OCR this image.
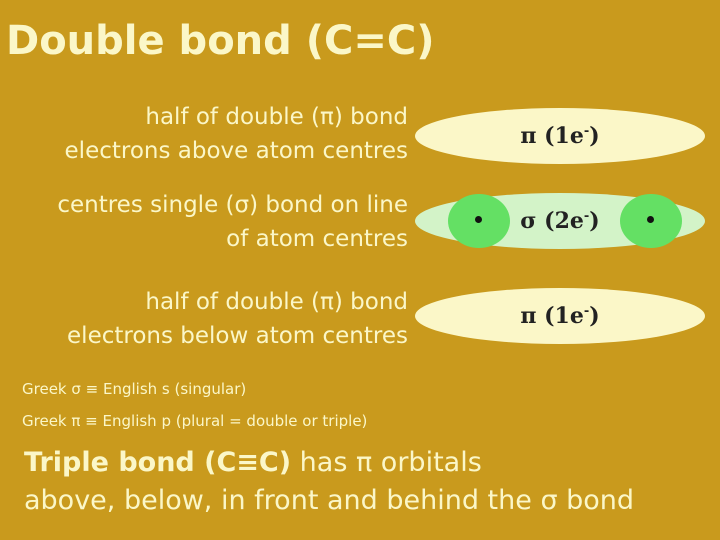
Double bond (C=C)
half of double (π) bond
electrons above atom centres
centres single (σ) bond on line
of atom centres
half of double (π) bond
electrons below atom centres
π (1e-)
σ (2e-)
π (1e-)
Greek σ ≡ English s (singular)
Greek π ≡ English p (plural = double or triple)
Triple bond (C≡C) has π orbitals
above, below, in front and behind the σ bond
